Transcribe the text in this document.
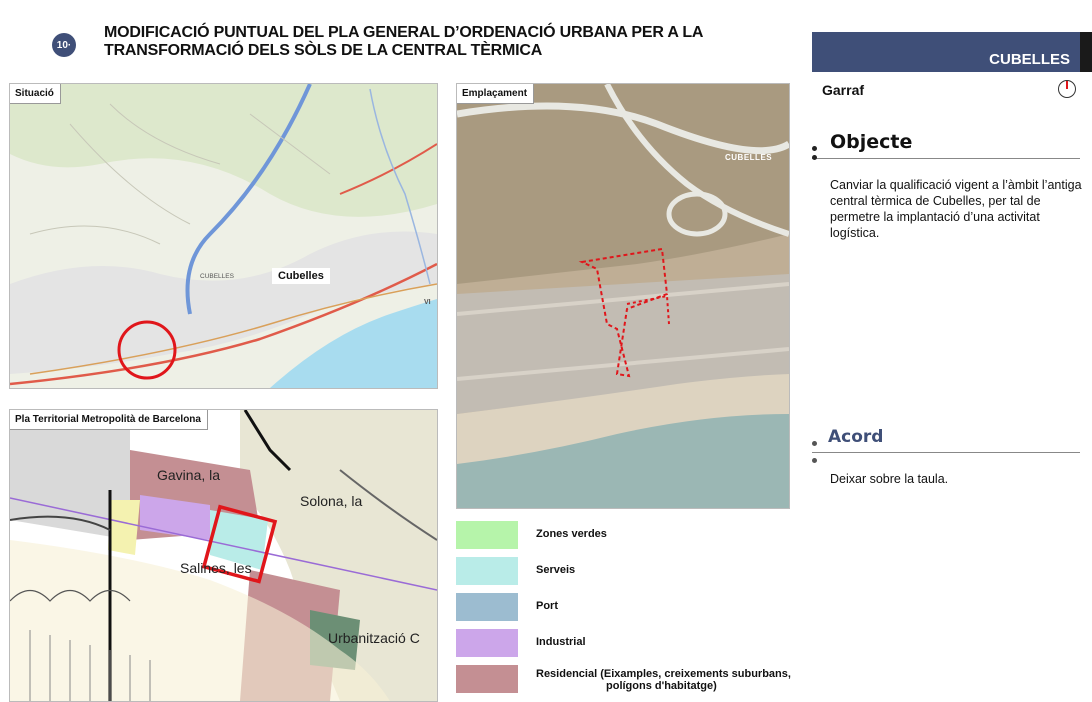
10·
MODIFICACIÓ PUNTUAL DEL PLA GENERAL D’ORDENACIÓ URBANA PER A LA
TRANSFORMACIÓ DELS SÒLS DE LA CENTRAL TÈRMICA
Situació
CUBELLES
VI
Cubelles
Emplaçament
CUBELLES
Pla Territorial Metropolità de Barcelona
Gavina, la
Solona, la
Salines, les
Urbanització C
Zones verdes
Serveis
Port
Industrial
Residencial (Eixamples, creixements suburbans,
polígons d'habitatge)
CUBELLES
Garraf
Objecte
Canviar la qualificació vigent a l’àmbit l’antiga central tèrmica de Cubelles, per tal de permetre la implantació d’una activitat logística.
Acord
Deixar sobre la taula.
